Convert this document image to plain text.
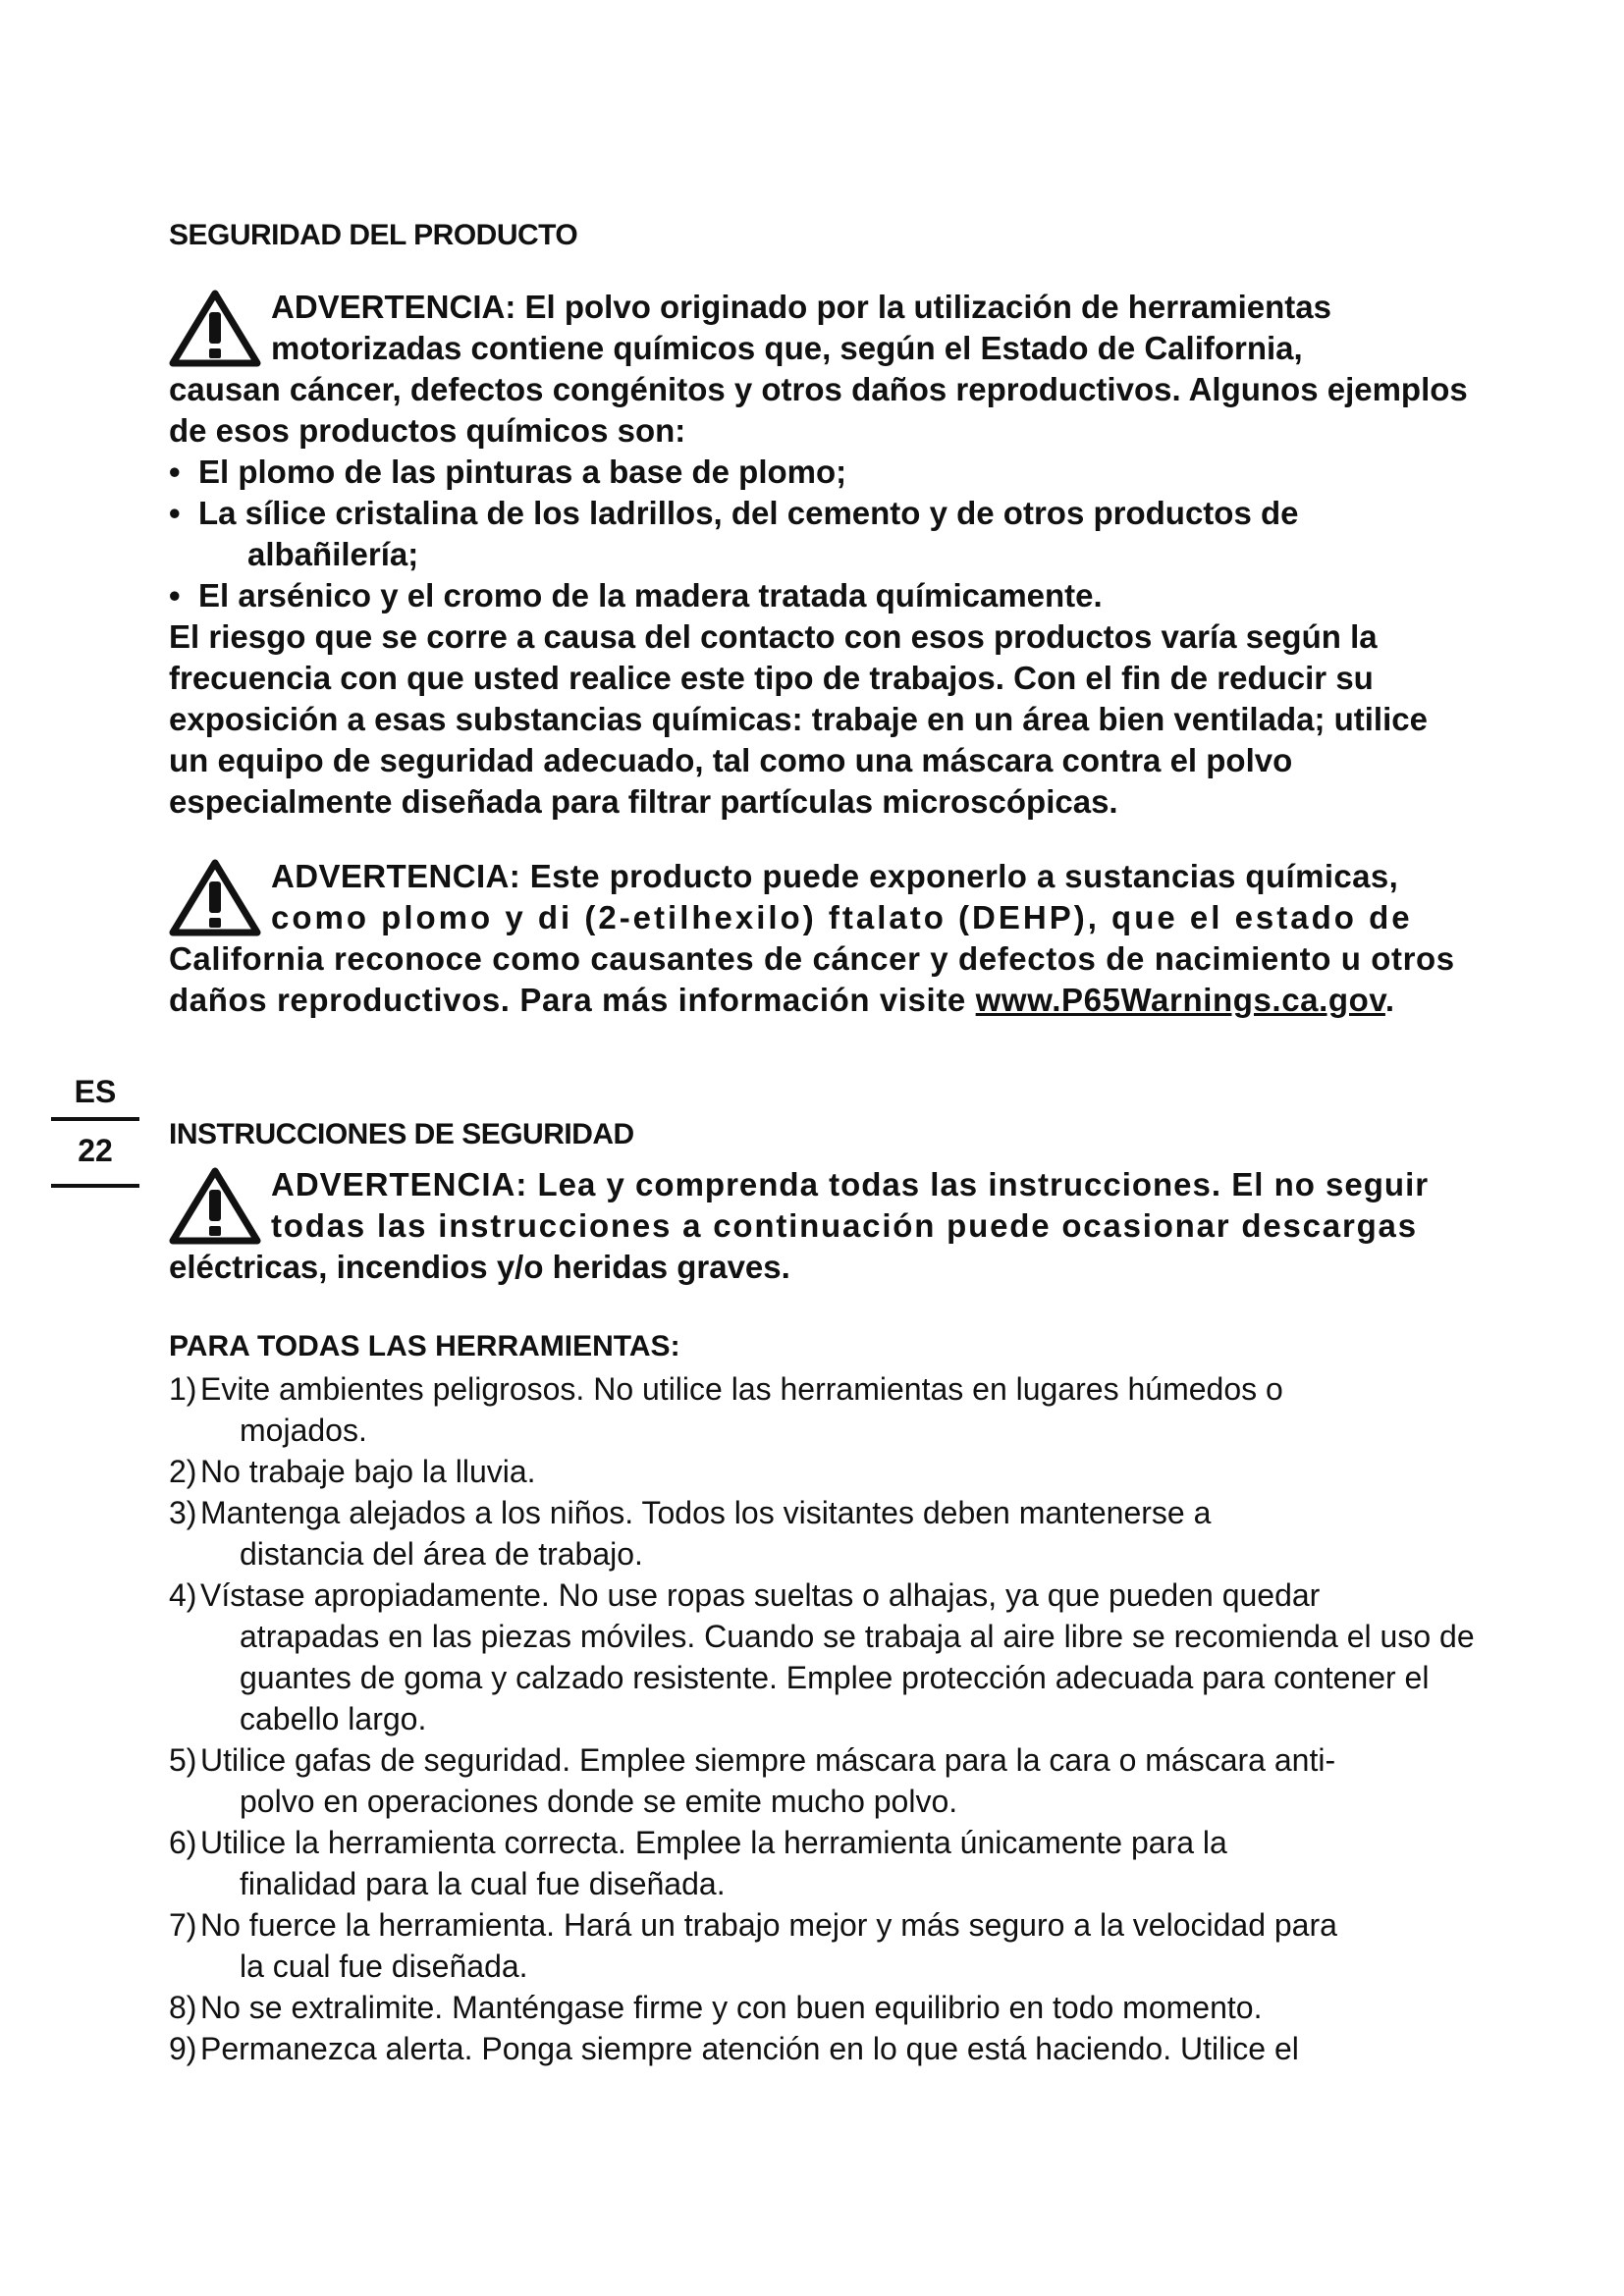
ES
22
SEGURIDAD DEL PRODUCTO
ADVERTENCIA: El polvo originado por la utilización de herramientas
motorizadas contiene químicos que, según el Estado de California,
causan cáncer, defectos congénitos y otros daños reproductivos. Algunos ejemplos de esos productos químicos son:
• El plomo de las pinturas a base de plomo;
• La sílice cristalina de los ladrillos, del cemento y de otros productos de
albañilería;
• El arsénico y el cromo de la madera tratada químicamente.
El riesgo que se corre a causa del contacto con esos productos varía según la frecuencia con que usted realice este tipo de trabajos. Con el fin de reducir su exposición a esas substancias químicas: trabaje en un área bien ventilada; utilice un equipo de seguridad adecuado, tal como una máscara contra el polvo especialmente diseñada para filtrar partículas microscópicas.
ADVERTENCIA: Este producto puede exponerlo a sustancias químicas,
como plomo y di (2-etilhexilo) ftalato (DEHP), que el estado de
California reconoce como causantes de cáncer y defectos de nacimiento u otros daños reproductivos. Para más información visite www.P65Warnings.ca.gov.
INSTRUCCIONES DE SEGURIDAD
ADVERTENCIA: Lea y comprenda todas las instrucciones. El no seguir
todas las instrucciones a continuación puede ocasionar descargas
eléctricas, incendios y/o heridas graves.
PARA TODAS LAS HERRAMIENTAS:
1) Evite ambientes peligrosos. No utilice las herramientas en lugares húmedos o
mojados.
2) No trabaje bajo la lluvia.
3) Mantenga alejados a los niños. Todos los visitantes deben mantenerse a
distancia del área de trabajo.
4) Vístase apropiadamente. No use ropas sueltas o alhajas, ya que pueden quedar
atrapadas en las piezas móviles. Cuando se trabaja al aire libre se recomienda el uso de guantes de goma y calzado resistente. Emplee protección adecuada para contener el cabello largo.
5) Utilice gafas de seguridad. Emplee siempre máscara para la cara o máscara anti-
polvo en operaciones donde se emite mucho polvo.
6) Utilice la herramienta correcta. Emplee la herramienta únicamente para la
finalidad para la cual fue diseñada.
7) No fuerce la herramienta. Hará un trabajo mejor y más seguro a la velocidad para
la cual fue diseñada.
8) No se extralimite. Manténgase firme y con buen equilibrio en todo momento.
9) Permanezca alerta. Ponga siempre atención en lo que está haciendo. Utilice el
